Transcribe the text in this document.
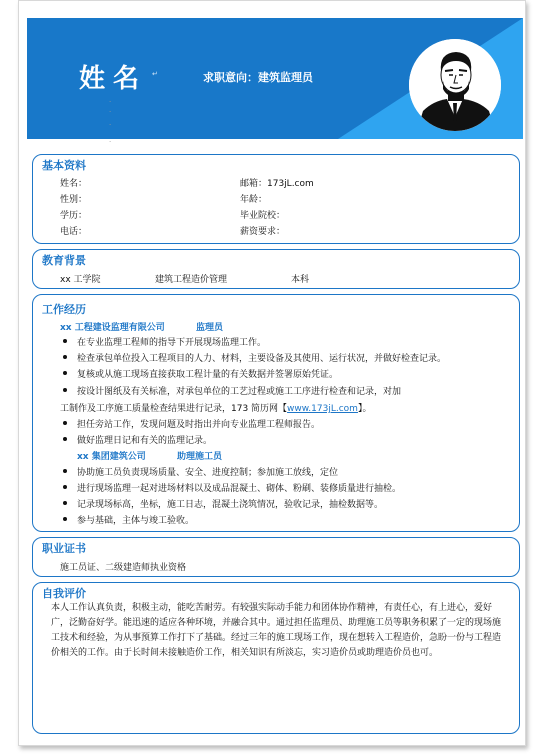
姓名	求职意向：建筑监理员
↵
.
.
.
.
基本资料
姓名：	邮箱：173jL.com
性别：	年龄：
学历：	毕业院校：
电话：	薪资要求：
教育背景
xx 工学院	建筑工程造价管理	本科
工作经历
xx 工程建设监理有限公司	监理员
在专业监理工程师的指导下开展现场监理工作。
检查承包单位投入工程项目的人力、材料，主要设备及其使用、运行状况，并做好检查记录。
复核或从施工现场直接获取工程计量的有关数据并签署原始凭证。
按设计图纸及有关标准，对承包单位的工艺过程或施工工序进行检查和记录，对加
工制作及工序施工质量检查结果进行记录，173 简历网【www.173jL.com】。
担任旁站工作，发现问题及时指出并向专业监理工程师报告。
做好监理日记和有关的监理记录。
xx 集团建筑公司	助理施工员
协助施工员负责现场质量、安全、进度控制；参加施工放线，定位
进行现场监理一起对进场材料以及成品混凝土、砌体、粉刷、装修质量进行抽检。
记录现场标高，坐标，施工日志，混凝土浇筑情况，验收记录，抽检数据等。
参与基础，主体与竣工验收。
职业证书
施工员证、二级建造师执业资格
自我评价
本人工作认真负责，积极主动，能吃苦耐劳。有较强实际动手能力和团体协作精神，有责任心，有上进心，爱好广，泛勤奋好学。能迅速的适应各种环境，并融合其中。通过担任监理员、助理施工员等职务积累了一定的现场施工技术和经验，为从事预算工作打下了基础。经过三年的施工现场工作，现在想转入工程造价，急盼一份与工程造价相关的工作。由于长时间未接触造价工作，相关知识有所淡忘，实习造价员或助理造价员也可。
